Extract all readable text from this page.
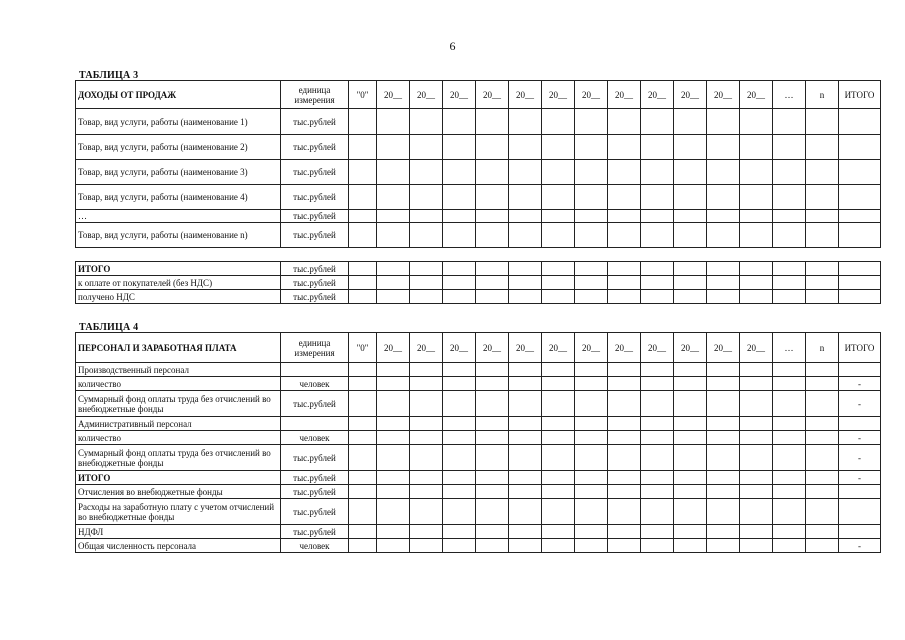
6
ТАБЛИЦА 3
ДОХОДЫ ОТ ПРОДАЖ	единица измерения	"0"	20__	20__	20__	20__	20__	20__	20__	20__	20__	20__	20__	20__	…	n	ИТОГО
Товар, вид услуги, работы (наименование 1)	тыс.рублей																
Товар, вид услуги, работы (наименование 2)	тыс.рублей																
Товар, вид услуги, работы (наименование 3)	тыс.рублей																
Товар, вид услуги, работы (наименование 4)	тыс.рублей																
…	тыс.рублей																
Товар, вид услуги, работы (наименование n)	тыс.рублей																

ИТОГО	тыс.рублей																
к оплате от покупателей (без НДС)	тыс.рублей																
получено НДС	тыс.рублей																
ТАБЛИЦА 4
ПЕРСОНАЛ И ЗАРАБОТНАЯ ПЛАТА	единица измерения	"0"	20__	20__	20__	20__	20__	20__	20__	20__	20__	20__	20__	20__	…	n	ИТОГО
Производственный персонал																	
количество	человек																-
Суммарный фонд оплаты труда без отчислений во внебюджетные фонды	тыс.рублей																-
Административный персонал																	
количество	человек																-
Суммарный фонд оплаты труда без отчислений во внебюджетные фонды	тыс.рублей																-
ИТОГО	тыс.рублей																-
Отчисления во внебюджетные фонды	тыс.рублей																
Расходы на заработную плату с учетом отчислений во внебюджетные фонды	тыс.рублей																
НДФЛ	тыс.рублей																
Общая численность персонала	человек																-
